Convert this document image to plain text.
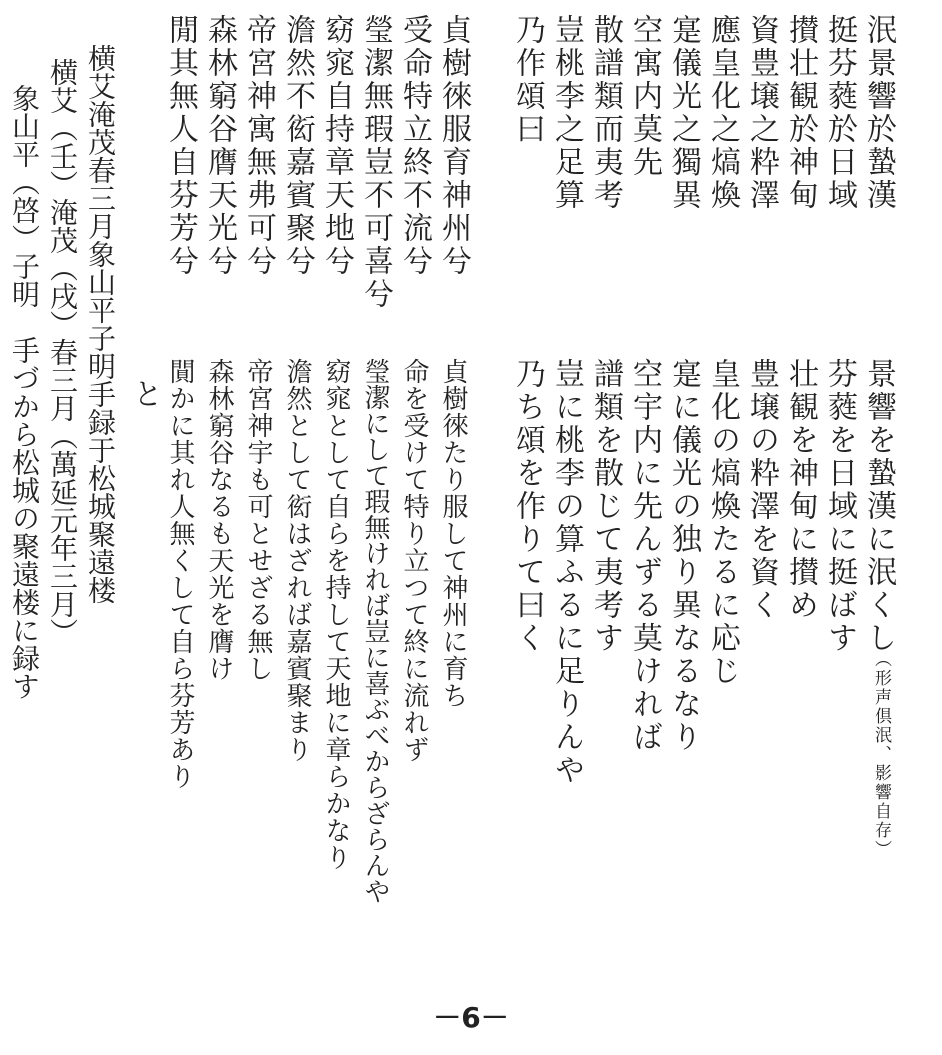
泯景響於蟄漢
挺芬蕤於日域
攅壮観於神甸
資豊壌之粋澤
應皇化之熇煥
寔儀光之獨異
空寓内莫先
散譜類而夷考
豈桃李之足算
乃作頌曰
貞樹徠服育神州兮
受命特立終不流兮
瑩潔無瑕豈不可喜兮
窈窕自持章天地兮
澹然不衒嘉賓聚兮
帝宮神寓無弗可兮
森林窮谷膺天光兮
閒其無人自芬芳兮
景響を蟄漢に泯くし
（形声倶泯、影響自存）
芬蕤を日域に挺ばす
壮観を神甸に攅め
豊壌の粋澤を資く
皇化の熇煥たるに応じ
寔に儀光の独り異なるなり
空宇内に先んずる莫ければ
譜類を散じて夷考す
豈に桃李の算ふるに足りんや
乃ち頌を作りて曰く
貞樹徠たり服して神州に育ち
命を受けて特り立つて終に流れず
瑩潔にして瑕無ければ豈に喜ぶべからざらんや
窈窕として自らを持して天地に章らかなり
澹然として衒はざれば嘉賓聚まり
帝宮神宇も可とせざる無し
森林窮谷なるも天光を膺け
閴かに其れ人無くして自ら芬芳あり
と
横艾淹茂春三月象山平子明手録于松城聚遠楼
横艾（壬）淹茂（戌）春三月（萬延元年三月）
象山平（啓）子明　手づから松城の聚遠楼に録す
－6－
